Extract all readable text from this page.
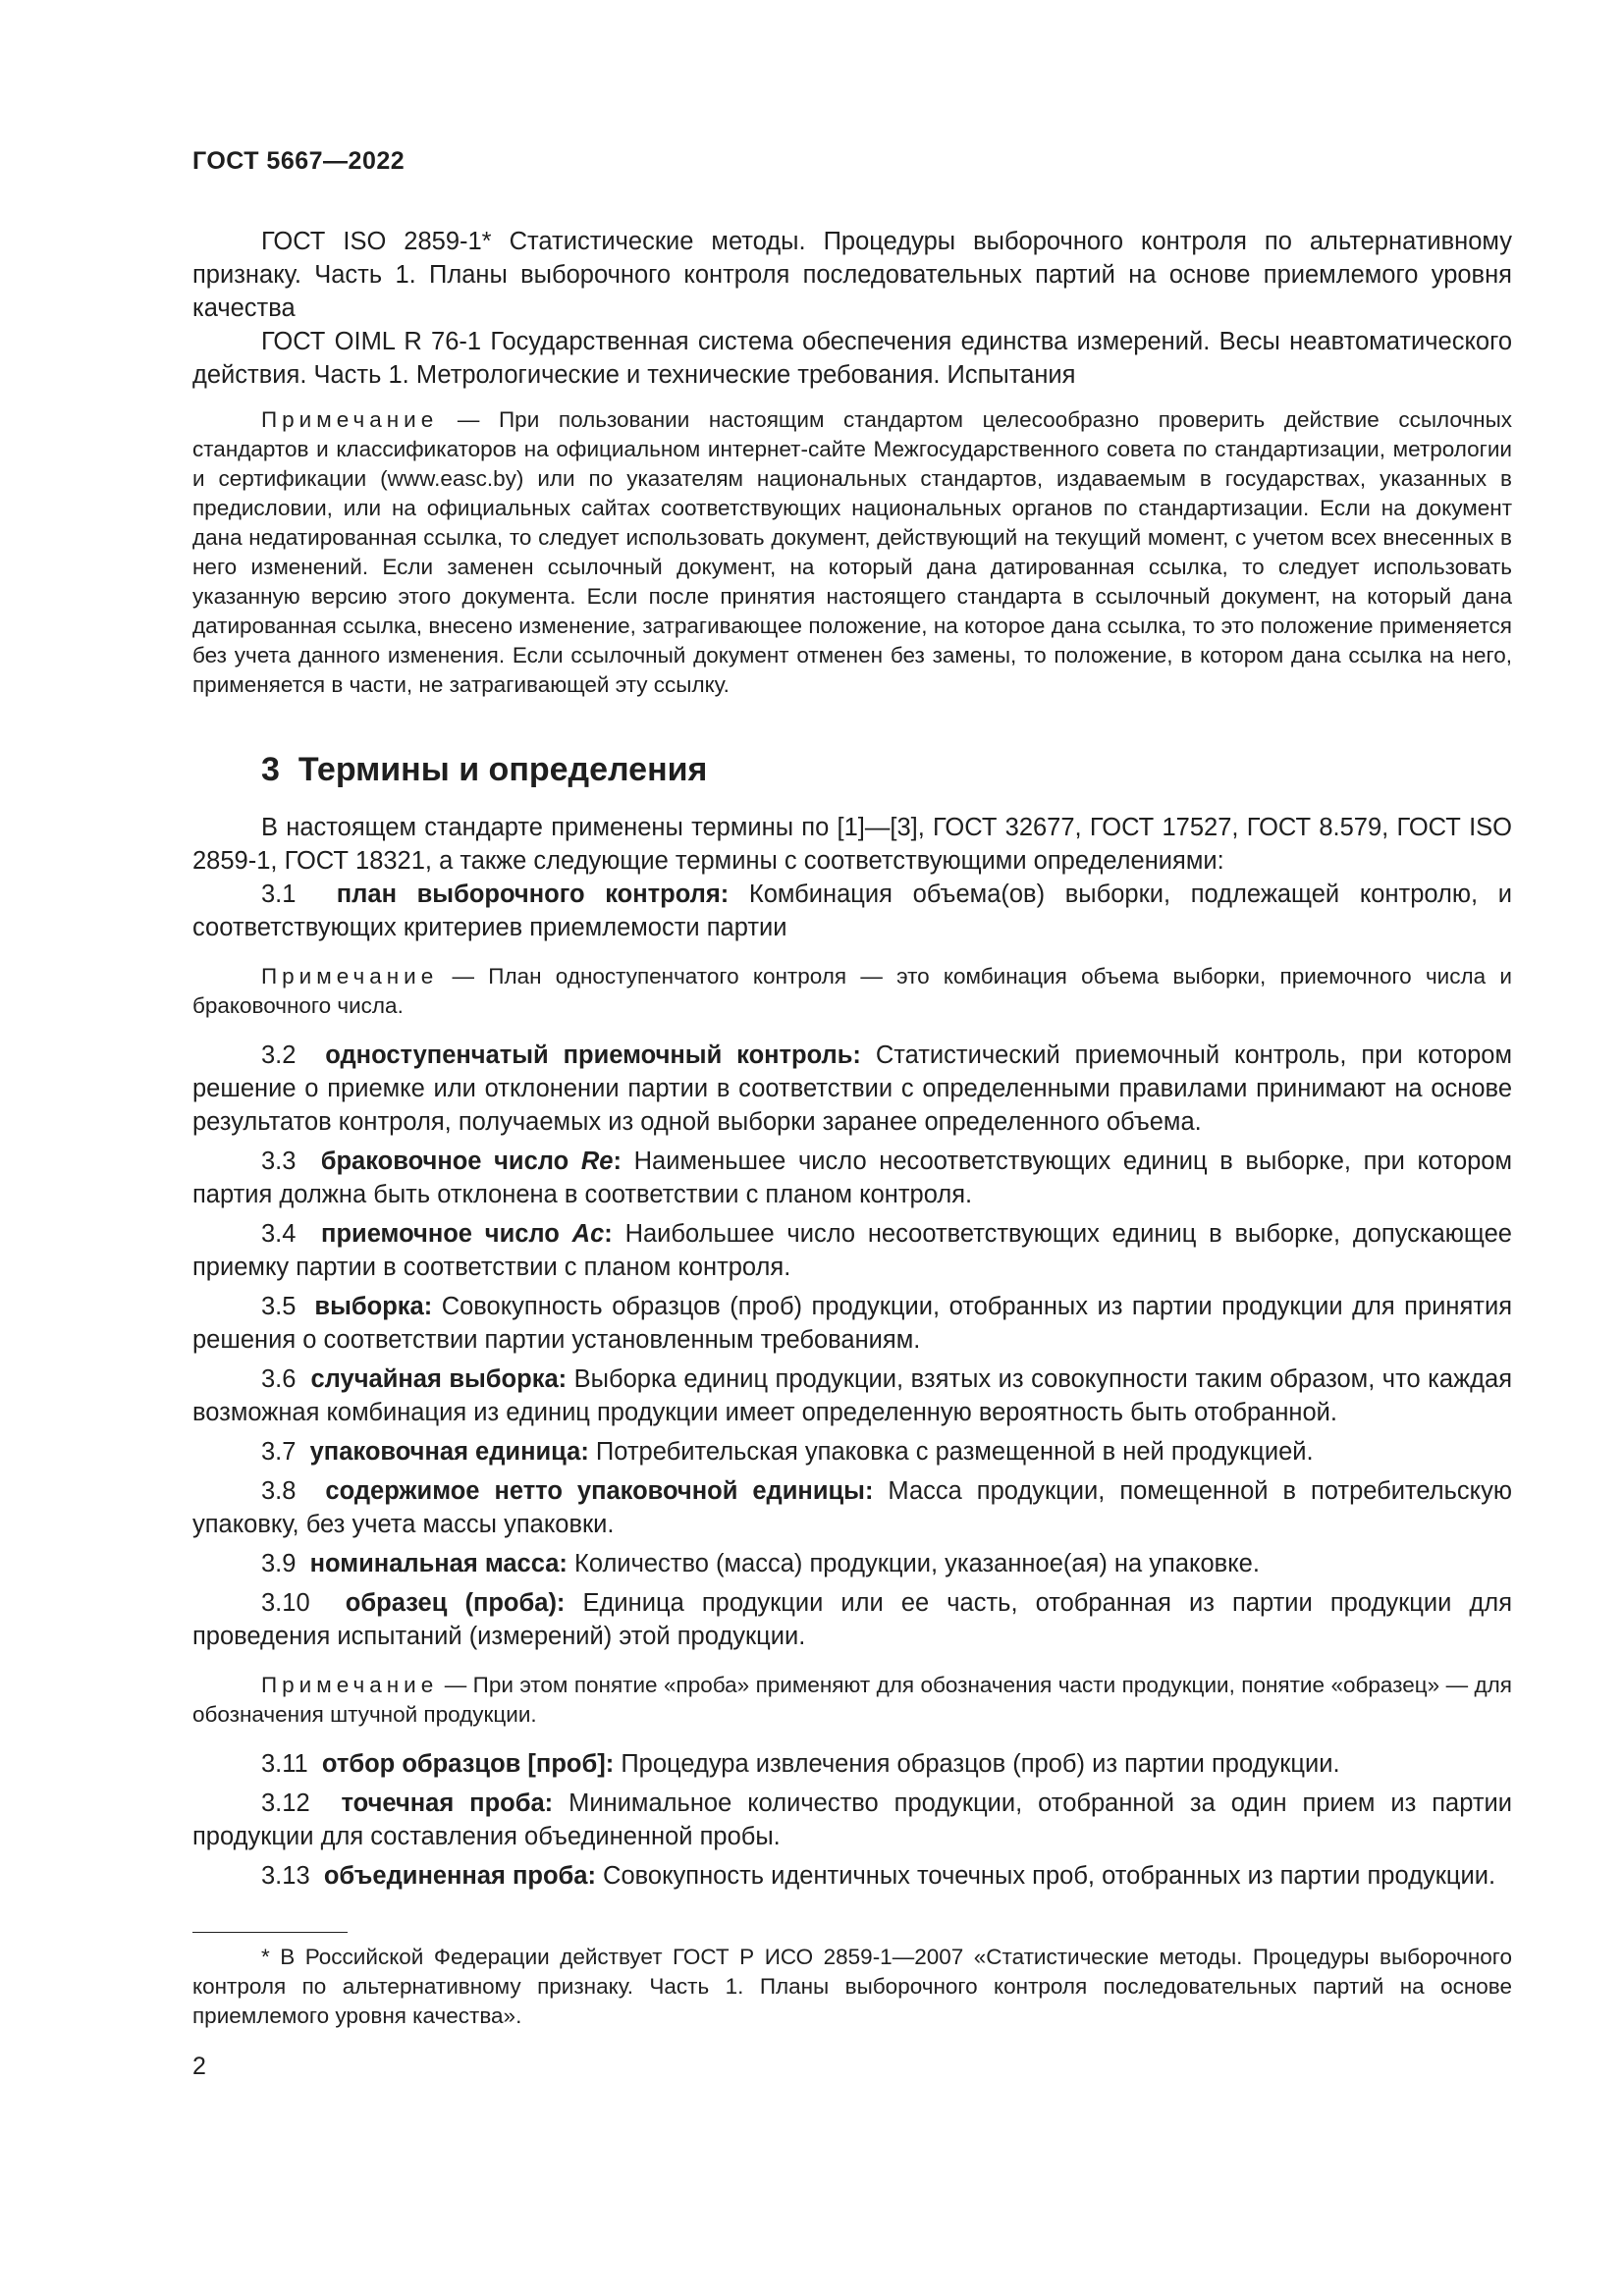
ГОСТ 5667—2022

ГОСТ ISO 2859-1* Статистические методы. Процедуры выборочного контроля по альтернативному признаку. Часть 1. Планы выборочного контроля последовательных партий на основе приемлемого уровня качества

ГОСТ OIML R 76-1 Государственная система обеспечения единства измерений. Весы неавтоматического действия. Часть 1. Метрологические и технические требования. Испытания

Примечание — При пользовании настоящим стандартом целесообразно проверить действие ссылочных стандартов и классификаторов на официальном интернет-сайте Межгосударственного совета по стандартизации, метрологии и сертификации (www.easc.by) или по указателям национальных стандартов, издаваемым в государствах, указанных в предисловии, или на официальных сайтах соответствующих национальных органов по стандартизации. Если на документ дана недатированная ссылка, то следует использовать документ, действующий на текущий момент, с учетом всех внесенных в него изменений. Если заменен ссылочный документ, на который дана датированная ссылка, то следует использовать указанную версию этого документа. Если после принятия настоящего стандарта в ссылочный документ, на который дана датированная ссылка, внесено изменение, затрагивающее положение, на которое дана ссылка, то это положение применяется без учета данного изменения. Если ссылочный документ отменен без замены, то положение, в котором дана ссылка на него, применяется в части, не затрагивающей эту ссылку.

3 Термины и определения

В настоящем стандарте применены термины по [1]—[3], ГОСТ 32677, ГОСТ 17527, ГОСТ 8.579, ГОСТ ISO 2859-1, ГОСТ 18321, а также следующие термины с соответствующими определениями:

3.1 план выборочного контроля: Комбинация объема(ов) выборки, подлежащей контролю, и соответствующих критериев приемлемости партии

Примечание — План одноступенчатого контроля — это комбинация объема выборки, приемочного числа и браковочного числа.

3.2 одноступенчатый приемочный контроль: Статистический приемочный контроль, при котором решение о приемке или отклонении партии в соответствии с определенными правилами принимают на основе результатов контроля, получаемых из одной выборки заранее определенного объема.

3.3 браковочное число Re: Наименьшее число несоответствующих единиц в выборке, при котором партия должна быть отклонена в соответствии с планом контроля.

3.4 приемочное число Ac: Наибольшее число несоответствующих единиц в выборке, допускающее приемку партии в соответствии с планом контроля.

3.5 выборка: Совокупность образцов (проб) продукции, отобранных из партии продукции для принятия решения о соответствии партии установленным требованиям.

3.6 случайная выборка: Выборка единиц продукции, взятых из совокупности таким образом, что каждая возможная комбинация из единиц продукции имеет определенную вероятность быть отобранной.

3.7 упаковочная единица: Потребительская упаковка с размещенной в ней продукцией.

3.8 содержимое нетто упаковочной единицы: Масса продукции, помещенной в потребительскую упаковку, без учета массы упаковки.

3.9 номинальная масса: Количество (масса) продукции, указанное(ая) на упаковке.

3.10 образец (проба): Единица продукции или ее часть, отобранная из партии продукции для проведения испытаний (измерений) этой продукции.

Примечание — При этом понятие «проба» применяют для обозначения части продукции, понятие «образец» — для обозначения штучной продукции.

3.11 отбор образцов [проб]: Процедура извлечения образцов (проб) из партии продукции.

3.12 точечная проба: Минимальное количество продукции, отобранной за один прием из партии продукции для составления объединенной пробы.

3.13 объединенная проба: Совокупность идентичных точечных проб, отобранных из партии продукции.

* В Российской Федерации действует ГОСТ Р ИСО 2859-1—2007 «Статистические методы. Процедуры выборочного контроля по альтернативному признаку. Часть 1. Планы выборочного контроля последовательных партий на основе приемлемого уровня качества».

2
